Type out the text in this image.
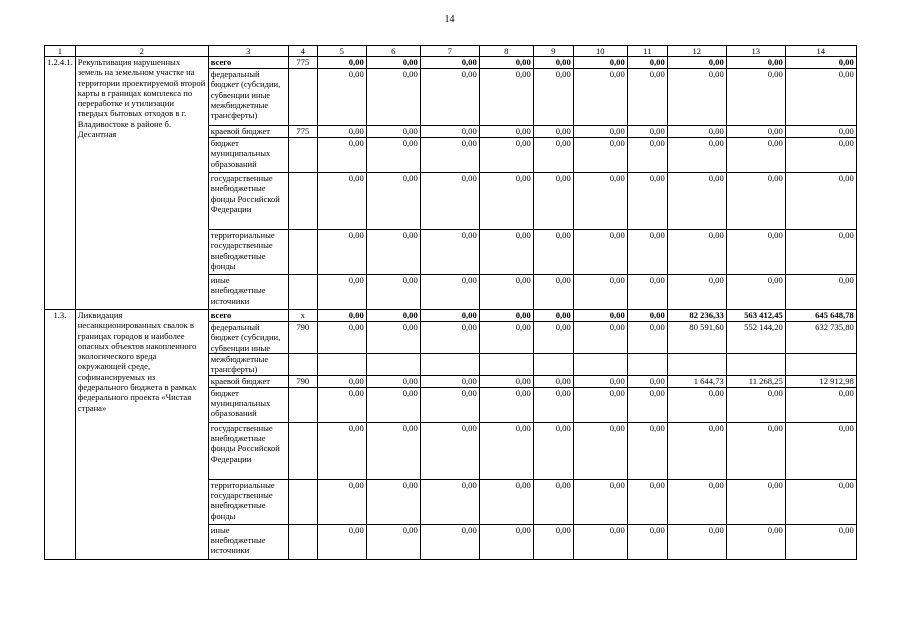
14
1	2	3	4	5	6	7	8	9	10	11	12	13	14
1.2.4.1.	Рекультивация нарушенных земель на земельном участке на территории проектируемой второй карты в границах комплекса по переработке и утилизации твердых бытовых отходов в г. Владивостоке в районе б. Десантная	всего	775	0,00	0,00	0,00	0,00	0,00	0,00	0,00	0,00	0,00	0,00
		федеральный бюджет (субсидии, субвенции иные межбюджетные трансферты)		0,00	0,00	0,00	0,00	0,00	0,00	0,00	0,00	0,00	0,00
		краевой бюджет	775	0,00	0,00	0,00	0,00	0,00	0,00	0,00	0,00	0,00	0,00
		бюджет муниципальных образований		0,00	0,00	0,00	0,00	0,00	0,00	0,00	0,00	0,00	0,00
		государственные внебюджетные фонды Российской Федерации		0,00	0,00	0,00	0,00	0,00	0,00	0,00	0,00	0,00	0,00
		территориальные государственные внебюджетные фонды		0,00	0,00	0,00	0,00	0,00	0,00	0,00	0,00	0,00	0,00
		иные внебюджетные источники		0,00	0,00	0,00	0,00	0,00	0,00	0,00	0,00	0,00	0,00
1.3.	Ликвидация несанкционированных свалок в границах городов и наиболее опасных объектов накопленного экологического вреда окружающей среде, софинансируемых из федерального бюджета в рамках федерального проекта «Чистая страна»	всего	х	0,00	0,00	0,00	0,00	0,00	0,00	0,00	82 236,33	563 412,45	645 648,78
		федеральный бюджет (субсидии, субвенции иные	790	0,00	0,00	0,00	0,00	0,00	0,00	0,00	80 591,60	552 144,20	632 735,80
		межбюджетные трансферты)											
		краевой бюджет	790	0,00	0,00	0,00	0,00	0,00	0,00	0,00	1 644,73	11 268,25	12 912,98
		бюджет муниципальных образований		0,00	0,00	0,00	0,00	0,00	0,00	0,00	0,00	0,00	0,00
		государственные внебюджетные фонды Российской Федерации		0,00	0,00	0,00	0,00	0,00	0,00	0,00	0,00	0,00	0,00
		территориальные государственные внебюджетные фонды		0,00	0,00	0,00	0,00	0,00	0,00	0,00	0,00	0,00	0,00
		иные внебюджетные источники		0,00	0,00	0,00	0,00	0,00	0,00	0,00	0,00	0,00	0,00
